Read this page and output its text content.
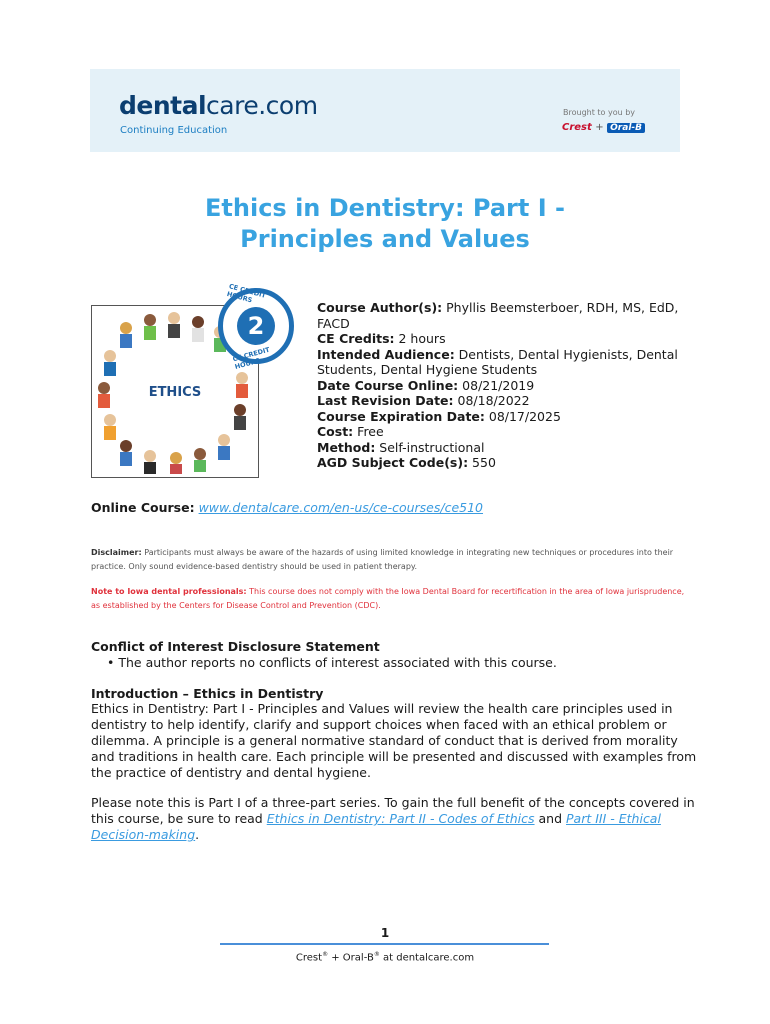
dentalcare.com
Continuing Education
Brought to you by
Crest + Oral-B
Ethics in Dentistry: Part I -
Principles and Values
ETHICS
CE CREDIT HOURS
2
CE CREDIT HOURS
Course Author(s): Phyllis Beemsterboer, RDH, MS, EdD, FACD
CE Credits: 2 hours
Intended Audience: Dentists, Dental Hygienists, Dental Students, Dental Hygiene Students
Date Course Online: 08/21/2019
Last Revision Date: 08/18/2022
Course Expiration Date: 08/17/2025
Cost: Free
Method: Self-instructional
AGD Subject Code(s): 550
Online Course: www.dentalcare.com/en-us/ce-courses/ce510
Disclaimer: Participants must always be aware of the hazards of using limited knowledge in integrating new techniques or procedures into their practice. Only sound evidence-based dentistry should be used in patient therapy.
Note to Iowa dental professionals: This course does not comply with the Iowa Dental Board for recertification in the area of Iowa jurisprudence, as established by the Centers for Disease Control and Prevention (CDC).
Conflict of Interest Disclosure Statement
• The author reports no conflicts of interest associated with this course.
Introduction – Ethics in Dentistry
Ethics in Dentistry: Part I - Principles and Values will review the health care principles used in dentistry to help identify, clarify and support choices when faced with an ethical problem or dilemma. A principle is a general normative standard of conduct that is derived from morality and traditions in health care. Each principle will be presented and discussed with examples from the practice of dentistry and dental hygiene.
Please note this is Part I of a three-part series. To gain the full benefit of the concepts covered in this course, be sure to read Ethics in Dentistry: Part II - Codes of Ethics and Part III - Ethical Decision-making.
1
Crest® + Oral-B® at dentalcare.com
